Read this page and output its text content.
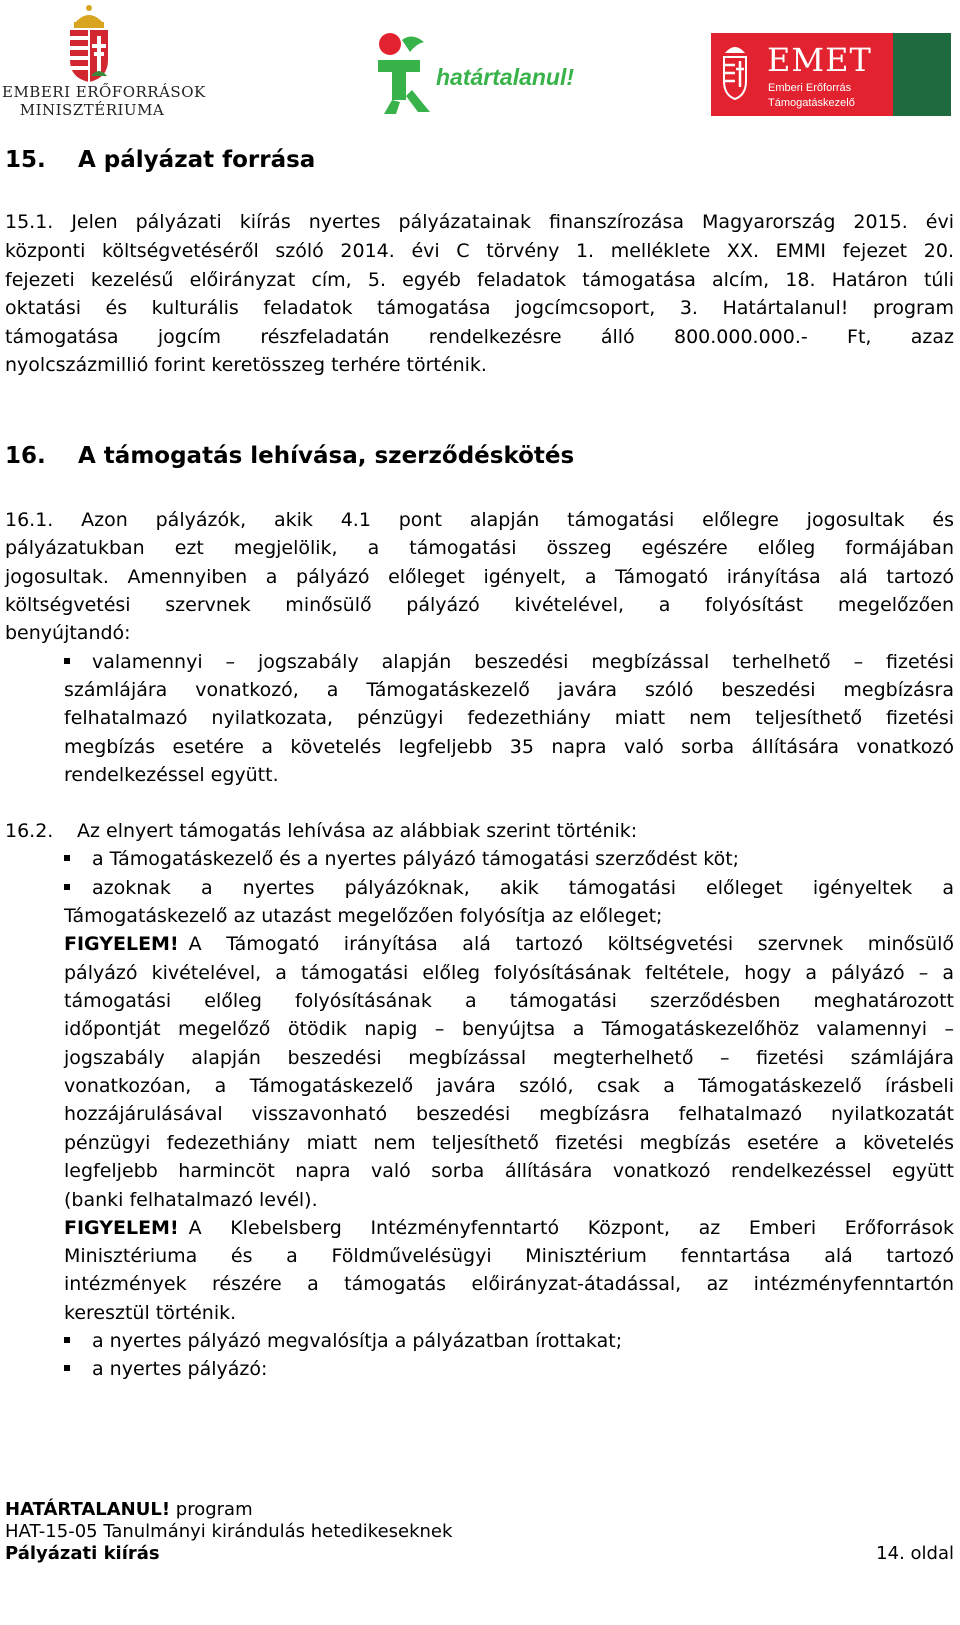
EMBERI ERŐFORRÁSOK
MINISZTÉRIUMA
határtalanul!	EMET
Emberi Erőforrás
Támogatáskezelő
15. A pályázat forrása
15.1. Jelen pályázati kiírás nyertes pályázatainak finanszírozása Magyarország 2015. évi
központi költségvetéséről szóló 2014. évi C törvény 1. melléklete XX. EMMI fejezet 20.
fejezeti kezelésű előirányzat cím, 5. egyéb feladatok támogatása alcím, 18. Határon túli
oktatási és kulturális feladatok támogatása jogcímcsoport, 3. Határtalanul! program
támogatása jogcím részfeladatán rendelkezésre álló 800.000.000.- Ft, azaz
nyolcszázmillió forint keretösszeg terhére történik.
16. A támogatás lehívása, szerződéskötés
16.1. Azon pályázók, akik 4.1 pont alapján támogatási előlegre jogosultak és
pályázatukban ezt megjelölik, a támogatási összeg egészére előleg formájában
jogosultak. Amennyiben a pályázó előleget igényelt, a Támogató irányítása alá tartozó
költségvetési szervnek minősülő pályázó kivételével, a folyósítást megelőzően
benyújtandó:
valamennyi – jogszabály alapján beszedési megbízással terhelhető – fizetési
számlájára vonatkozó, a Támogatáskezelő javára szóló beszedési megbízásra
felhatalmazó nyilatkozata, pénzügyi fedezethiány miatt nem teljesíthető fizetési
megbízás esetére a követelés legfeljebb 35 napra való sorba állítására vonatkozó
rendelkezéssel együtt.
16.2. Az elnyert támogatás lehívása az alábbiak szerint történik:
a Támogatáskezelő és a nyertes pályázó támogatási szerződést köt;
azoknak a nyertes pályázóknak, akik támogatási előleget igényeltek a
Támogatáskezelő az utazást megelőzően folyósítja az előleget;
FIGYELEM! A Támogató irányítása alá tartozó költségvetési szervnek minősülő
pályázó kivételével, a támogatási előleg folyósításának feltétele, hogy a pályázó – a
támogatási előleg folyósításának a támogatási szerződésben meghatározott
időpontját megelőző ötödik napig – benyújtsa a Támogatáskezelőhöz valamennyi –
jogszabály alapján beszedési megbízással megterhelhető – fizetési számlájára
vonatkozóan, a Támogatáskezelő javára szóló, csak a Támogatáskezelő írásbeli
hozzájárulásával visszavonható beszedési megbízásra felhatalmazó nyilatkozatát
pénzügyi fedezethiány miatt nem teljesíthető fizetési megbízás esetére a követelés
legfeljebb harmincöt napra való sorba állítására vonatkozó rendelkezéssel együtt
(banki felhatalmazó levél).
FIGYELEM! A Klebelsberg Intézményfenntartó Központ, az Emberi Erőforrások
Minisztériuma és a Földművelésügyi Minisztérium fenntartása alá tartozó
intézmények részére a támogatás előirányzat-átadással, az intézményfenntartón
keresztül történik.
a nyertes pályázó megvalósítja a pályázatban írottakat;
a nyertes pályázó:
HATÁRTALANUL! program
HAT-15-05 Tanulmányi kirándulás hetedikeseknek
Pályázati kiírás	14. oldal
